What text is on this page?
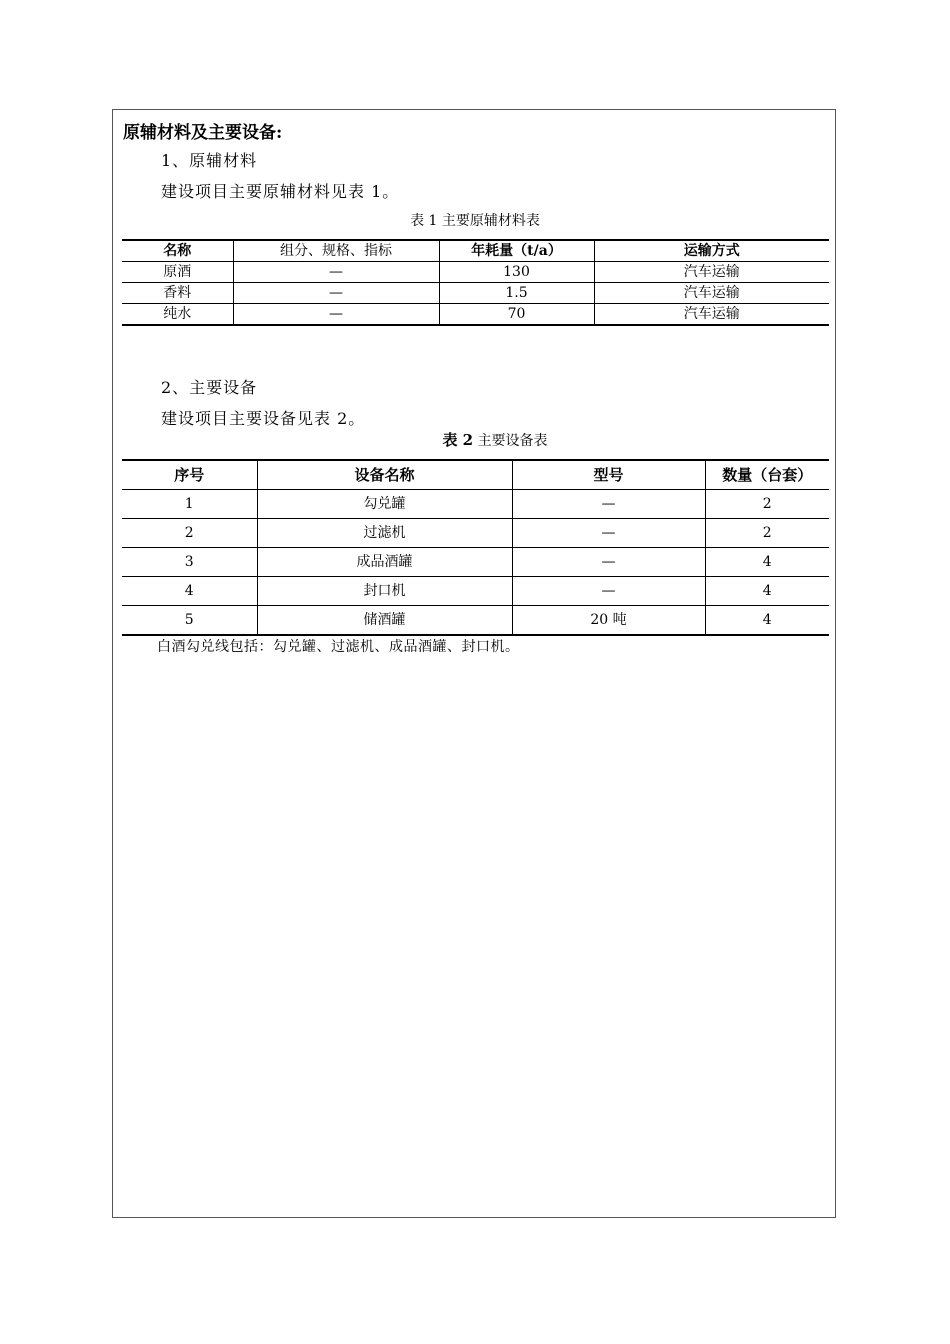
原辅材料及主要设备:
1、原辅材料
建设项目主要原辅材料见表 1。
表 1 主要原辅材料表
名称	组分、规格、指标	年耗量（t/a）	运输方式
原酒	—	130	汽车运输
香料	—	1.5	汽车运输
纯水	—	70	汽车运输
2、主要设备
建设项目主要设备见表 2。
表 2 主要设备表
序号	设备名称	型号	数量（台套）
1	勾兑罐	—	2
2	过滤机	—	2
3	成品酒罐	—	4
4	封口机	—	4
5	储酒罐	20 吨	4
白酒勾兑线包括：勾兑罐、过滤机、成品酒罐、封口机。
